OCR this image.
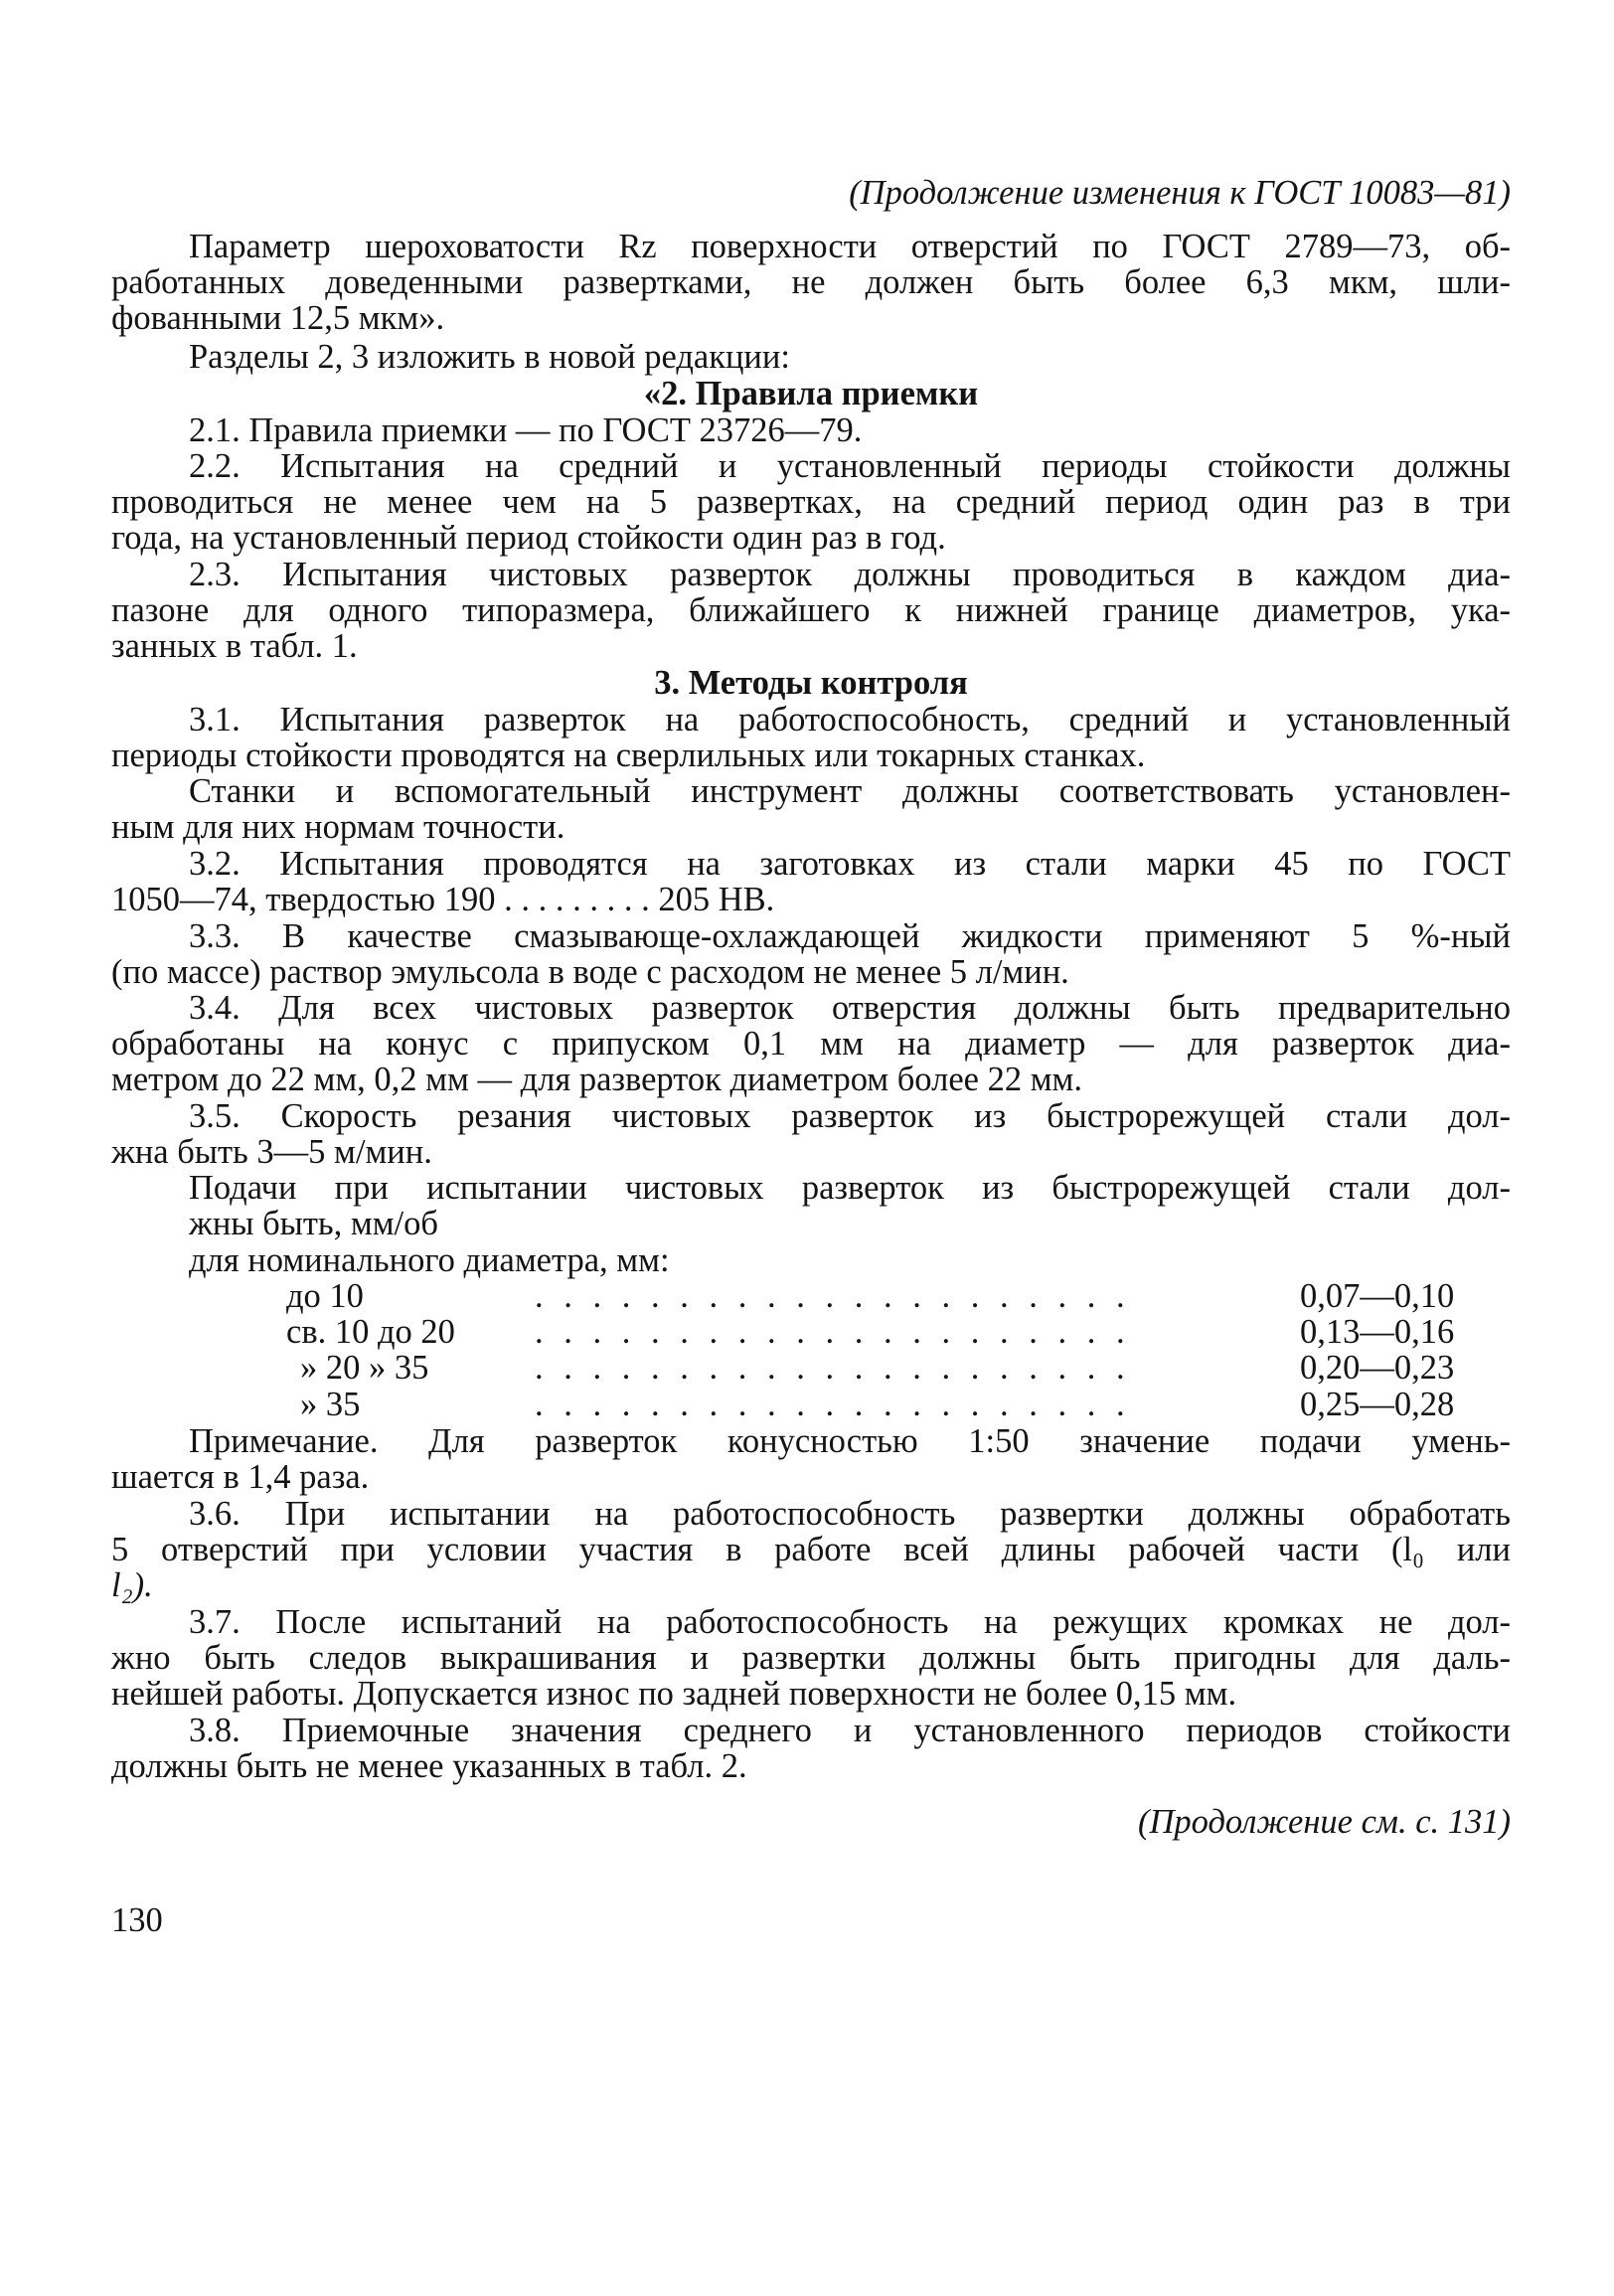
(Продолжение изменения к ГОСТ 10083—81)
Параметр шероховатости Rz поверхности отверстий по ГОСТ 2789—73, об-
работанных доведенными развертками, не должен быть более 6,3 мкм, шли-
фованными 12,5 мкм».
Разделы 2, 3 изложить в новой редакции:
«2. Правила приемки
2.1. Правила приемки — по ГОСТ 23726—79.
2.2. Испытания на средний и установленный периоды стойкости должны
проводиться не менее чем на 5 развертках, на средний период один раз в три
года, на установленный период стойкости один раз в год.
2.3. Испытания чистовых разверток должны проводиться в каждом диа-
пазоне для одного типоразмера, ближайшего к нижней границе диаметров, ука-
занных в табл. 1.
3. Методы контроля
3.1. Испытания разверток на работоспособность, средний и установленный
периоды стойкости проводятся на сверлильных или токарных станках.
Станки и вспомогательный инструмент должны соответствовать установлен-
ным для них нормам точности.
3.2. Испытания проводятся на заготовках из стали марки 45 по ГОСТ
1050—74, твердостью 190 . . . . . . . . . 205 HB.
3.3. В качестве смазывающе-охлаждающей жидкости применяют 5 %-ный
(по массе) раствор эмульсола в воде с расходом не менее 5 л/мин.
3.4. Для всех чистовых разверток отверстия должны быть предварительно
обработаны на конус с припуском 0,1 мм на диаметр — для разверток диа-
метром до 22 мм, 0,2 мм — для разверток диаметром более 22 мм.
3.5. Скорость резания чистовых разверток из быстрорежущей стали дол-
жна быть 3—5 м/мин.
Подачи при испытании чистовых разверток из быстрорежущей стали дол-
жны быть, мм/об
для номинального диаметра, мм:
до 10	. . . . . . . . . . . . . . . . . . . . .	0,07—0,10
св. 10 до 20	. . . . . . . . . . . . . . . . . . . . .	0,13—0,16
» 20 » 35	. . . . . . . . . . . . . . . . . . . . .	0,20—0,23
» 35	. . . . . . . . . . . . . . . . . . . . .	0,25—0,28
Примечание. Для разверток конусностью 1:50 значение подачи умень-
шается в 1,4 раза.
3.6. При испытании на работоспособность развертки должны обработать
5 отверстий при условии участия в работе всей длины рабочей части (l₀ или
l₂).
3.7. После испытаний на работоспособность на режущих кромках не дол-
жно быть следов выкрашивания и развертки должны быть пригодны для даль-
нейшей работы. Допускается износ по задней поверхности не более 0,15 мм.
3.8. Приемочные значения среднего и установленного периодов стойкости
должны быть не менее указанных в табл. 2.
(Продолжение см. с. 131)
130
